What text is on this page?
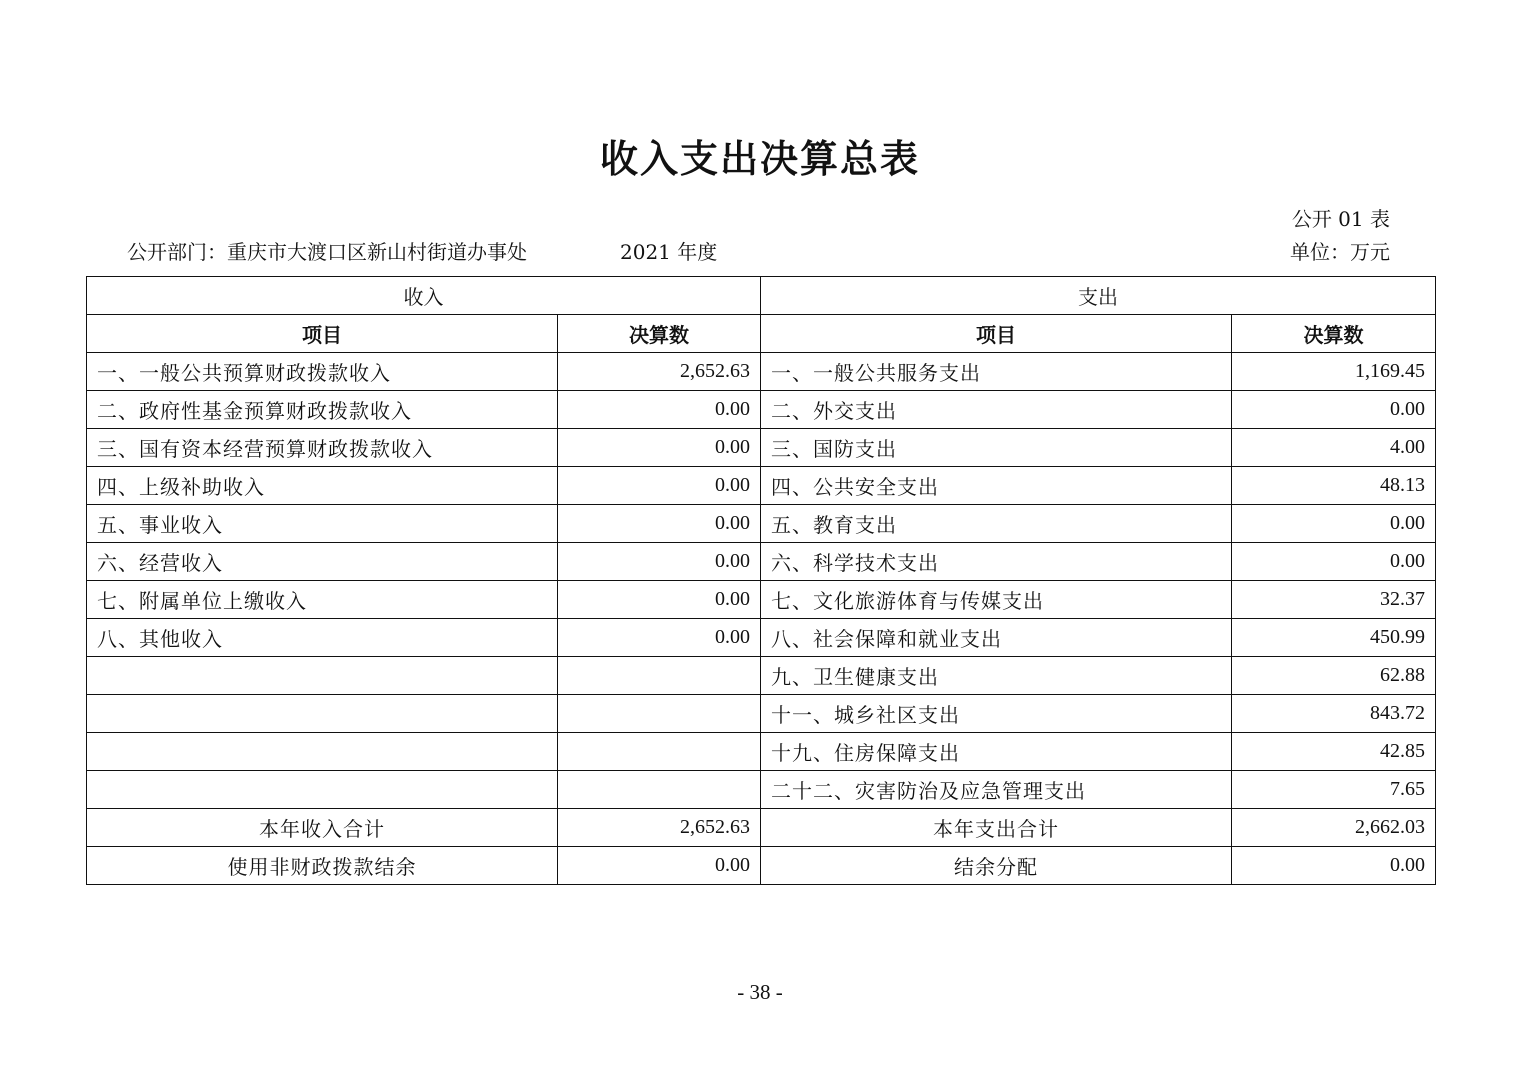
收入支出决算总表
公开 01 表
公开部门：重庆市大渡口区新山村街道办事处	2021 年度	单位：万元
收入		支出	
项目	决算数	项目	决算数
一、一般公共预算财政拨款收入	2,652.63	一、一般公共服务支出	1,169.45
二、政府性基金预算财政拨款收入	0.00	二、外交支出	0.00
三、国有资本经营预算财政拨款收入	0.00	三、国防支出	4.00
四、上级补助收入	0.00	四、公共安全支出	48.13
五、事业收入	0.00	五、教育支出	0.00
六、经营收入	0.00	六、科学技术支出	0.00
七、附属单位上缴收入	0.00	七、文化旅游体育与传媒支出	32.37
八、其他收入	0.00	八、社会保障和就业支出	450.99
		九、卫生健康支出	62.88
		十一、城乡社区支出	843.72
		十九、住房保障支出	42.85
		二十二、灾害防治及应急管理支出	7.65
本年收入合计	2,652.63	本年支出合计	2,662.03
使用非财政拨款结余	0.00	结余分配	0.00
- 38 -
